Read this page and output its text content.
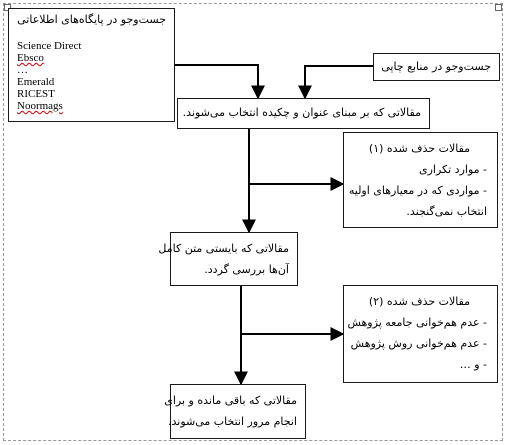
جست‌وجو در پایگاه‌های اطلاعاتی
Science Direct
Ebsco
…
Emerald
RICEST
Noormags
جست‌وجو در منابع چاپی
مقالاتی که بر مبنای عنوان و چکیده انتخاب می‌شوند.
مقالات حذف شده (۱)
- موارد تکراری
- مواردی که در معیارهای اولیه
انتخاب نمی‌گنجند.
مقالاتی که بایستی متن کامل
آن‌ها بررسی گردد.
مقالات حذف شده (۲)
- عدم هم‌خوانی جامعه پژوهش
- عدم هم‌خوانی روش پژوهش
- و …
مقالاتی که باقی مانده و برای
انجام مرور انتخاب می‌شوند.
